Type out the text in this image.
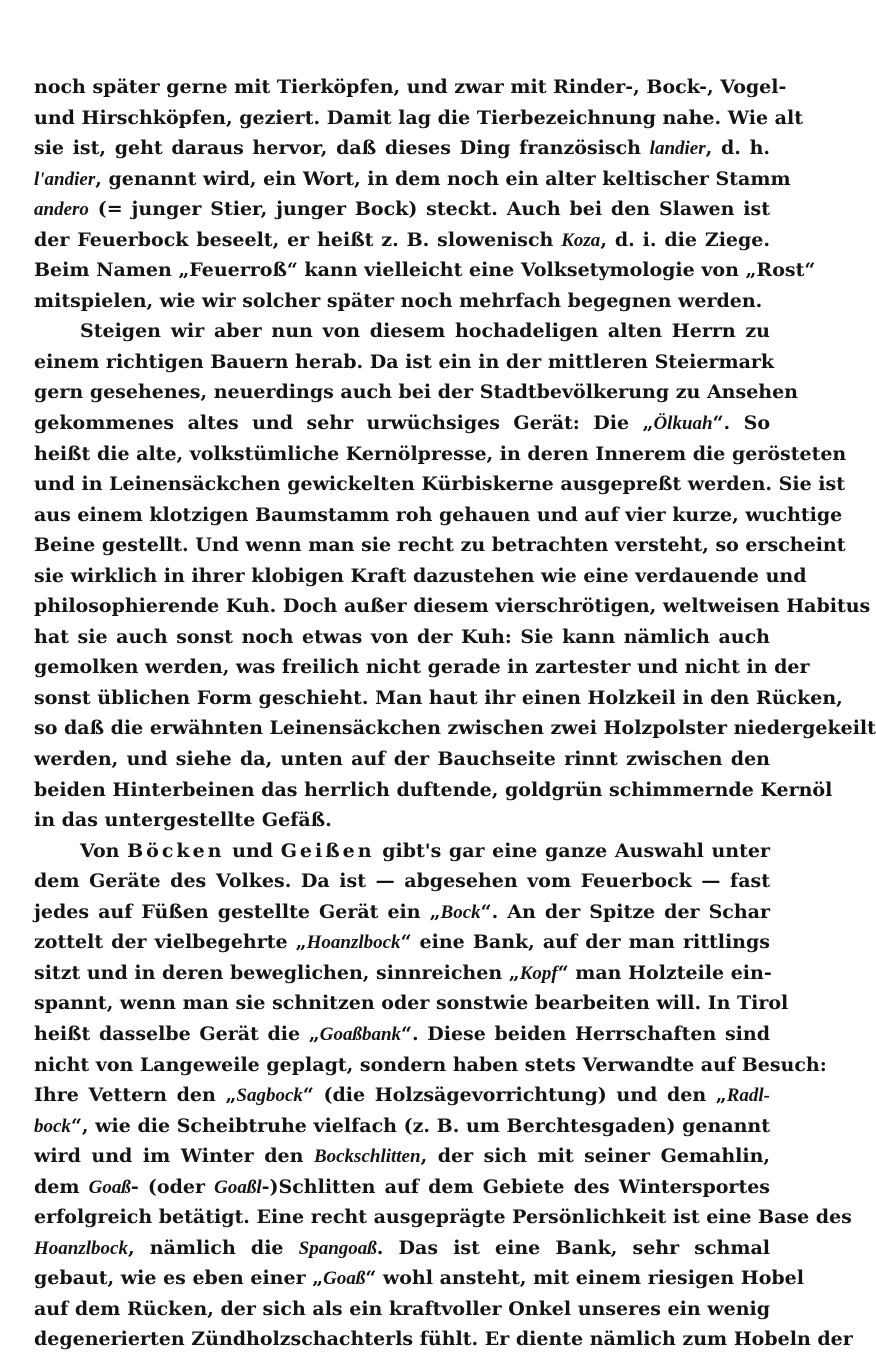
noch später gerne mit Tierköpfen, und zwar mit Rinder-, Bock-, Vogel-
und Hirschköpfen, geziert. Damit lag die Tierbezeichnung nahe. Wie alt
sie ist, geht daraus hervor, daß dieses Ding französisch landier, d. h.
l'andier, genannt wird, ein Wort, in dem noch ein alter keltischer Stamm
andero (= junger Stier, junger Bock) steckt. Auch bei den Slawen ist
der Feuerbock beseelt, er heißt z. B. slowenisch Koza, d. i. die Ziege.
Beim Namen „Feuerroß“ kann vielleicht eine Volksetymologie von „Rost“
mitspielen, wie wir solcher später noch mehrfach begegnen werden.
Steigen wir aber nun von diesem hochadeligen alten Herrn zu
einem richtigen Bauern herab. Da ist ein in der mittleren Steiermark
gern gesehenes, neuerdings auch bei der Stadtbevölkerung zu Ansehen
gekommenes altes und sehr urwüchsiges Gerät: Die „Ölkuah“. So
heißt die alte, volkstümliche Kernölpresse, in deren Innerem die gerösteten
und in Leinensäckchen gewickelten Kürbiskerne ausgepreßt werden. Sie ist
aus einem klotzigen Baumstamm roh gehauen und auf vier kurze, wuchtige
Beine gestellt. Und wenn man sie recht zu betrachten versteht, so erscheint
sie wirklich in ihrer klobigen Kraft dazustehen wie eine verdauende und
philosophierende Kuh. Doch außer diesem vierschrötigen, weltweisen Habitus
hat sie auch sonst noch etwas von der Kuh: Sie kann nämlich auch
gemolken werden, was freilich nicht gerade in zartester und nicht in der
sonst üblichen Form geschieht. Man haut ihr einen Holzkeil in den Rücken,
so daß die erwähnten Leinensäckchen zwischen zwei Holzpolster niedergekeilt
werden, und siehe da, unten auf der Bauchseite rinnt zwischen den
beiden Hinterbeinen das herrlich duftende, goldgrün schimmernde Kernöl
in das untergestellte Gefäß.
Von Böcken und Geißen gibt's gar eine ganze Auswahl unter
dem Geräte des Volkes. Da ist — abgesehen vom Feuerbock — fast
jedes auf Füßen gestellte Gerät ein „Bock“. An der Spitze der Schar
zottelt der vielbegehrte „Hoanzlbock“ eine Bank, auf der man rittlings
sitzt und in deren beweglichen, sinnreichen „Kopf“ man Holzteile ein-
spannt, wenn man sie schnitzen oder sonstwie bearbeiten will. In Tirol
heißt dasselbe Gerät die „Goaßbank“. Diese beiden Herrschaften sind
nicht von Langeweile geplagt, sondern haben stets Verwandte auf Besuch:
Ihre Vettern den „Sagbock“ (die Holzsägevorrichtung) und den „Radl-
bock“, wie die Scheibtruhe vielfach (z. B. um Berchtesgaden) genannt
wird und im Winter den Bockschlitten, der sich mit seiner Gemahlin,
dem Goaß- (oder Goaßl-)Schlitten auf dem Gebiete des Wintersportes
erfolgreich betätigt. Eine recht ausgeprägte Persönlichkeit ist eine Base des
Hoanzlbock, nämlich die Spangoaß. Das ist eine Bank, sehr schmal
gebaut, wie es eben einer „Goaß“ wohl ansteht, mit einem riesigen Hobel
auf dem Rücken, der sich als ein kraftvoller Onkel unseres ein wenig
degenerierten Zündholzschachterls fühlt. Er diente nämlich zum Hobeln der
